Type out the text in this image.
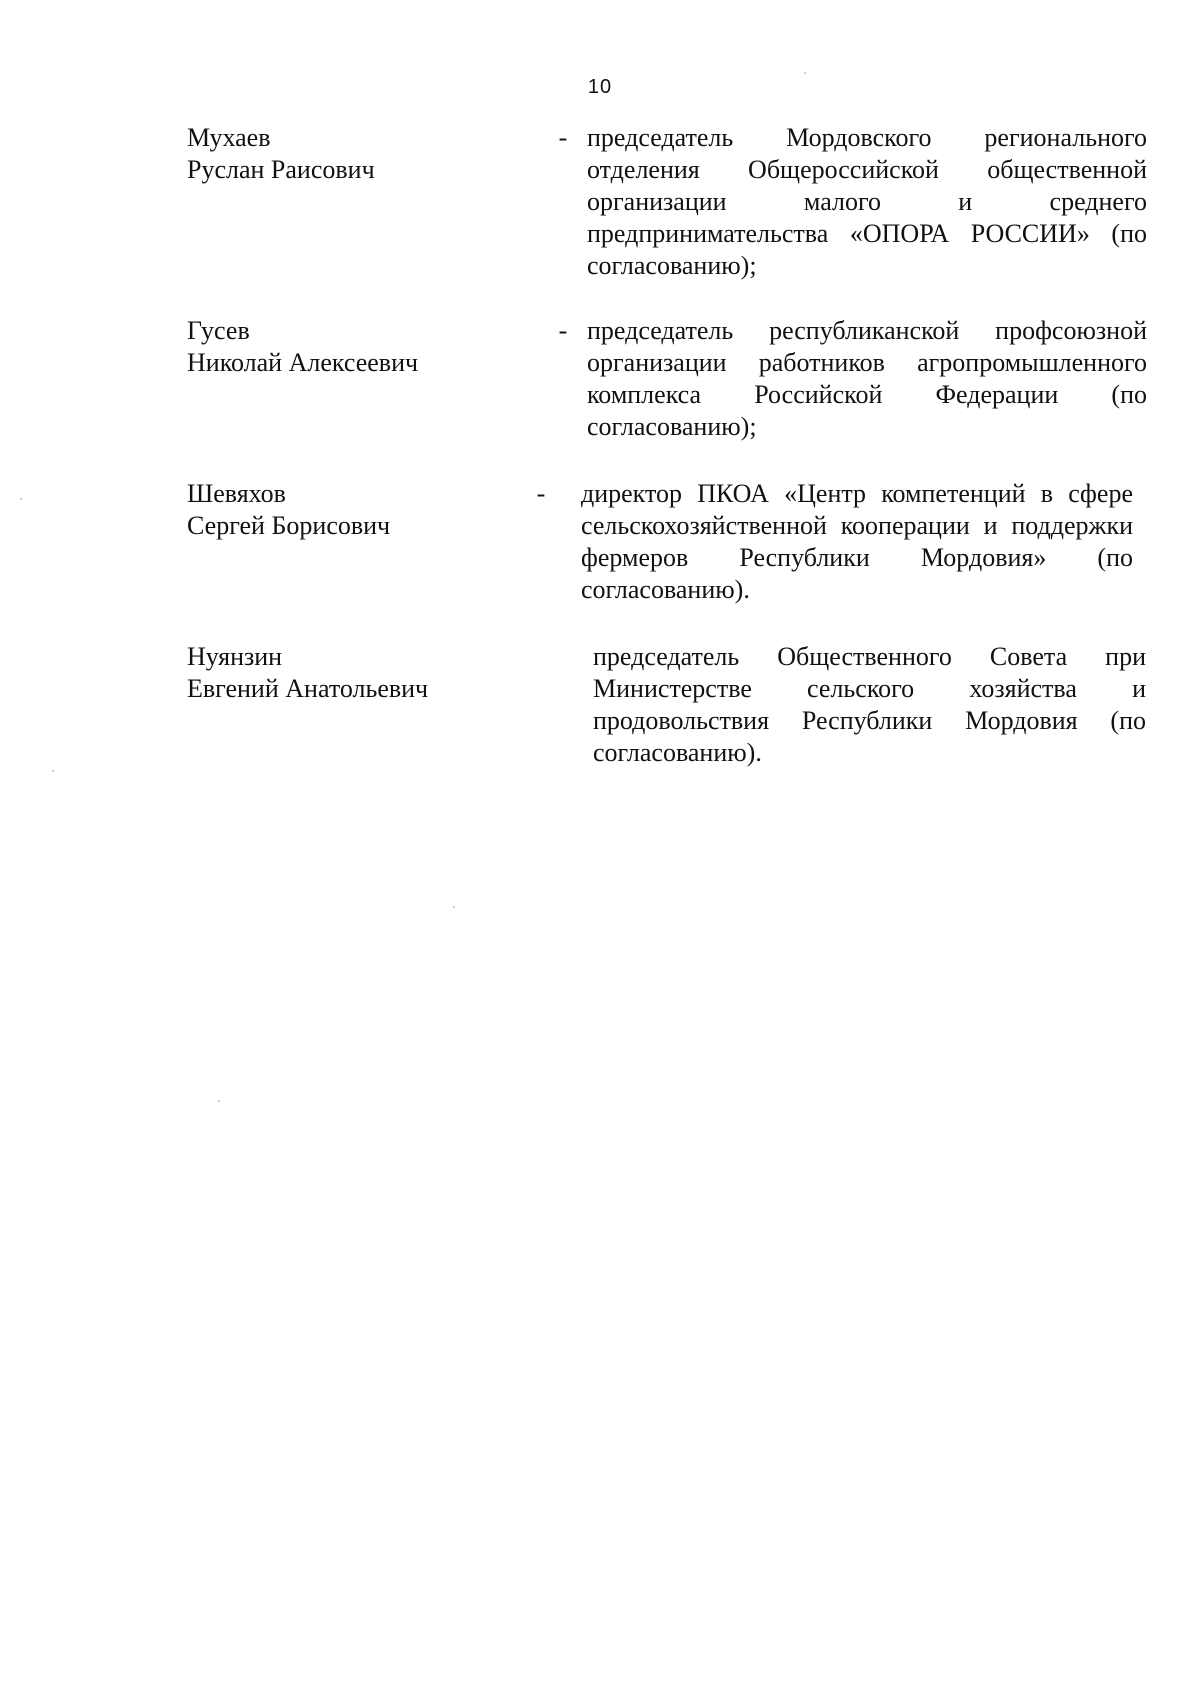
10
Мухаев
Руслан Раисович
- председатель Мордовского регионального отделения Общероссийской общественной организации малого и среднего предпринимательства «ОПОРА РОССИИ» (по согласованию);
Гусев
Николай Алексеевич
- председатель республиканской профсоюзной организации работников агропромышленного комплекса Российской Федерации (по согласованию);
Шевяхов
Сергей Борисович
- директор ПКОА «Центр компетенций в сфере сельскохозяйственной кооперации и поддержки фермеров Республики Мордовия» (по согласованию).
Нуянзин
Евгений Анатольевич
председатель Общественного Совета при Министерстве сельского хозяйства и продовольствия Республики Мордовия (по согласованию).
